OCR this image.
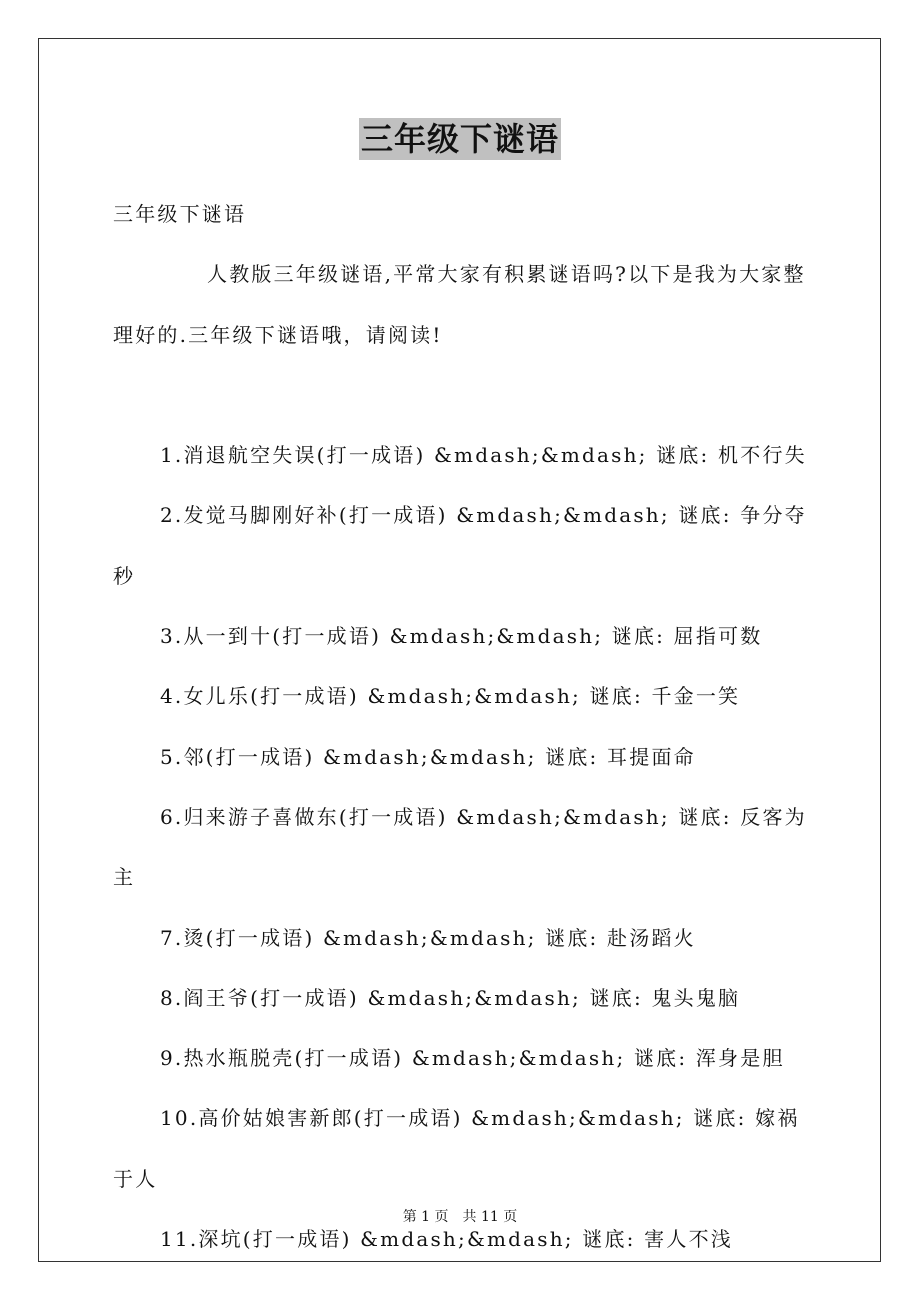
三年级下谜语

三年级下谜语

人教版三年级谜语,平常大家有积累谜语吗?以下是我为大家整理好的.三年级下谜语哦，请阅读!

1.消退航空失误(打一成语) &mdash;&mdash; 谜底: 机不行失

2.发觉马脚刚好补(打一成语) &mdash;&mdash; 谜底: 争分夺秒

3.从一到十(打一成语) &mdash;&mdash; 谜底: 屈指可数

4.女儿乐(打一成语) &mdash;&mdash; 谜底: 千金一笑

5.邻(打一成语) &mdash;&mdash; 谜底: 耳提面命

6.归来游子喜做东(打一成语) &mdash;&mdash; 谜底: 反客为主

7.烫(打一成语) &mdash;&mdash; 谜底: 赴汤蹈火

8.阎王爷(打一成语) &mdash;&mdash; 谜底: 鬼头鬼脑

9.热水瓶脱壳(打一成语) &mdash;&mdash; 谜底: 浑身是胆

10.高价姑娘害新郎(打一成语) &mdash;&mdash; 谜底: 嫁祸于人

11.深坑(打一成语) &mdash;&mdash; 谜底: 害人不浅

第 1 页　共 11 页
